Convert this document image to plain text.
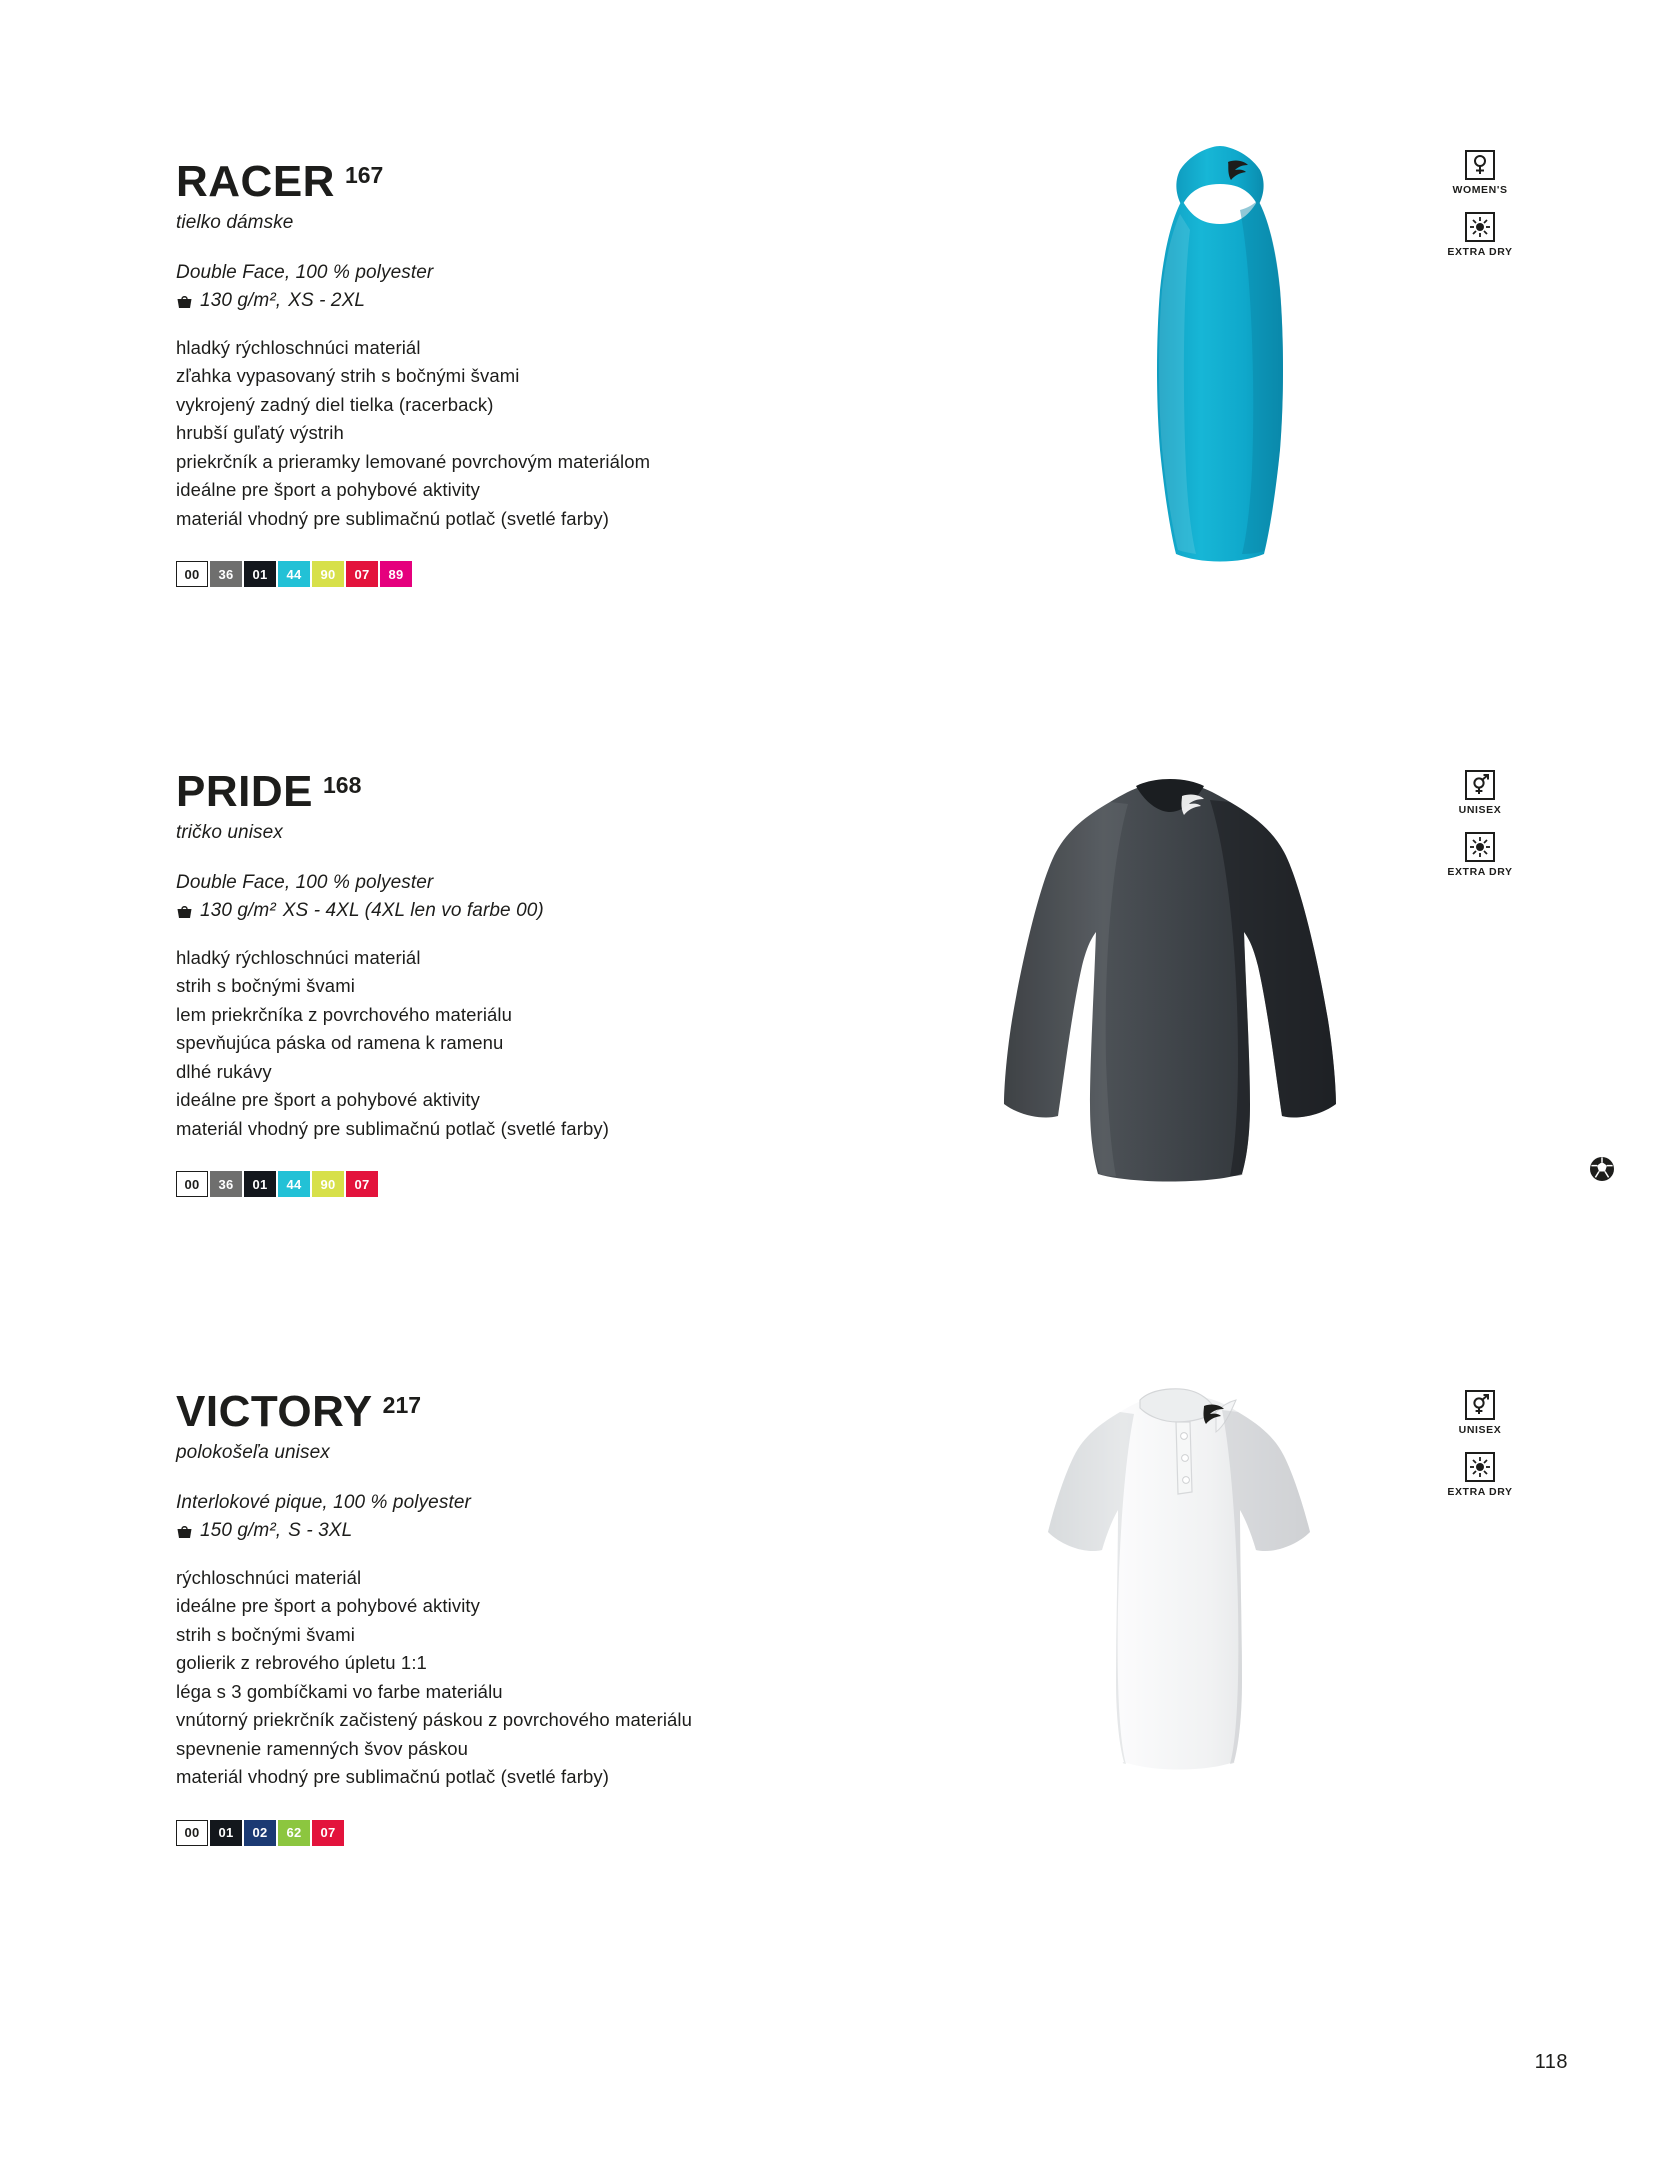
RACER 167
tielko dámske
Double Face, 100 % polyester
130 g/m², XS - 2XL
hladký rýchloschnúci materiál
zľahka vypasovaný strih s bočnými švami
vykrojený zadný diel tielka (racerback)
hrubší guľatý výstrih
priekrčník a prieramky lemované povrchovým materiálom
ideálne pre šport a pohybové aktivity
materiál vhodný pre sublimačnú potlač (svetlé farby)
00 36 01 44 90 07 89
WOMEN'S
EXTRA DRY
PRIDE 168
tričko unisex
Double Face, 100 % polyester
130 g/m² XS - 4XL (4XL len vo farbe 00)
hladký rýchloschnúci materiál
strih s bočnými švami
lem priekrčníka z povrchového materiálu
spevňujúca páska od ramena k ramenu
dlhé rukávy
ideálne pre šport a pohybové aktivity
materiál vhodný pre sublimačnú potlač (svetlé farby)
00 36 01 44 90 07
UNISEX
EXTRA DRY
VICTORY 217
polokošeľa unisex
Interlokové pique, 100 % polyester
150 g/m², S - 3XL
rýchloschnúci materiál
ideálne pre šport a pohybové aktivity
strih s bočnými švami
golierik z rebrového úpletu 1:1
léga s 3 gombíčkami vo farbe materiálu
vnútorný priekrčník začistený páskou z povrchového materiálu
spevnenie ramenných švov páskou
materiál vhodný pre sublimačnú potlač (svetlé farby)
00 01 02 62 07
UNISEX
EXTRA DRY
118
